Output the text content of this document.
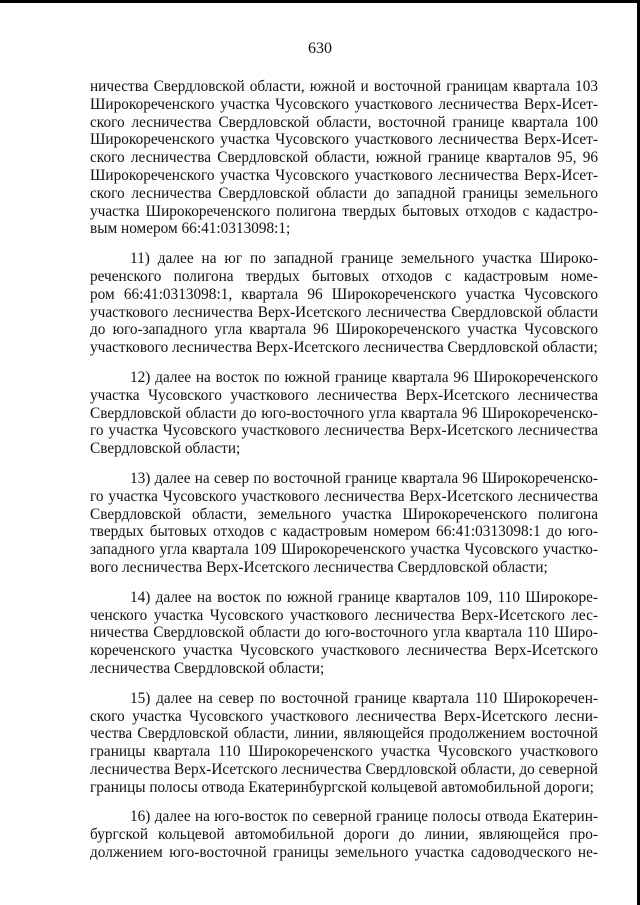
630
ничества Свердловской области, южной и восточной границам квартала 103
Широкореченского участка Чусовского участкового лесничества Верх-Исет-
ского лесничества Свердловской области, восточной границе квартала 100
Широкореченского участка Чусовского участкового лесничества Верх-Исет-
ского лесничества Свердловской области, южной границе кварталов 95, 96
Широкореченского участка Чусовского участкового лесничества Верх-Исет-
ского лесничества Свердловской области до западной границы земельного
участка Широкореченского полигона твердых бытовых отходов с кадастро-
вым номером 66:41:0313098:1;
11) далее на юг по западной границе земельного участка Широко-
реченского полигона твердых бытовых отходов с кадастровым номе-
ром 66:41:0313098:1, квартала 96 Широкореченского участка Чусовского
участкового лесничества Верх-Исетского лесничества Свердловской области
до юго-западного угла квартала 96 Широкореченского участка Чусовского
участкового лесничества Верх-Исетского лесничества Свердловской области;
12) далее на восток по южной границе квартала 96 Широкореченского
участка Чусовского участкового лесничества Верх-Исетского лесничества
Свердловской области до юго-восточного угла квартала 96 Широкореченско-
го участка Чусовского участкового лесничества Верх-Исетского лесничества
Свердловской области;
13) далее на север по восточной границе квартала 96 Широкореченско-
го участка Чусовского участкового лесничества Верх-Исетского лесничества
Свердловской области, земельного участка Широкореченского полигона
твердых бытовых отходов с кадастровым номером 66:41:0313098:1 до юго-
западного угла квартала 109 Широкореченского участка Чусовского участко-
вого лесничества Верх-Исетского лесничества Свердловской области;
14) далее на восток по южной границе кварталов 109, 110 Широкоре-
ченского участка Чусовского участкового лесничества Верх-Исетского лес-
ничества Свердловской области до юго-восточного угла квартала 110 Широ-
кореченского участка Чусовского участкового лесничества Верх-Исетского
лесничества Свердловской области;
15) далее на север по восточной границе квартала 110 Широкоречен-
ского участка Чусовского участкового лесничества Верх-Исетского лесни-
чества Свердловской области, линии, являющейся продолжением восточной
границы квартала 110 Широкореченского участка Чусовского участкового
лесничества Верх-Исетского лесничества Свердловской области, до северной
границы полосы отвода Екатеринбургской кольцевой автомобильной дороги;
16) далее на юго-восток по северной границе полосы отвода Екатерин-
бургской кольцевой автомобильной дороги до линии, являющейся про-
должением юго-восточной границы земельного участка садоводческого не-
